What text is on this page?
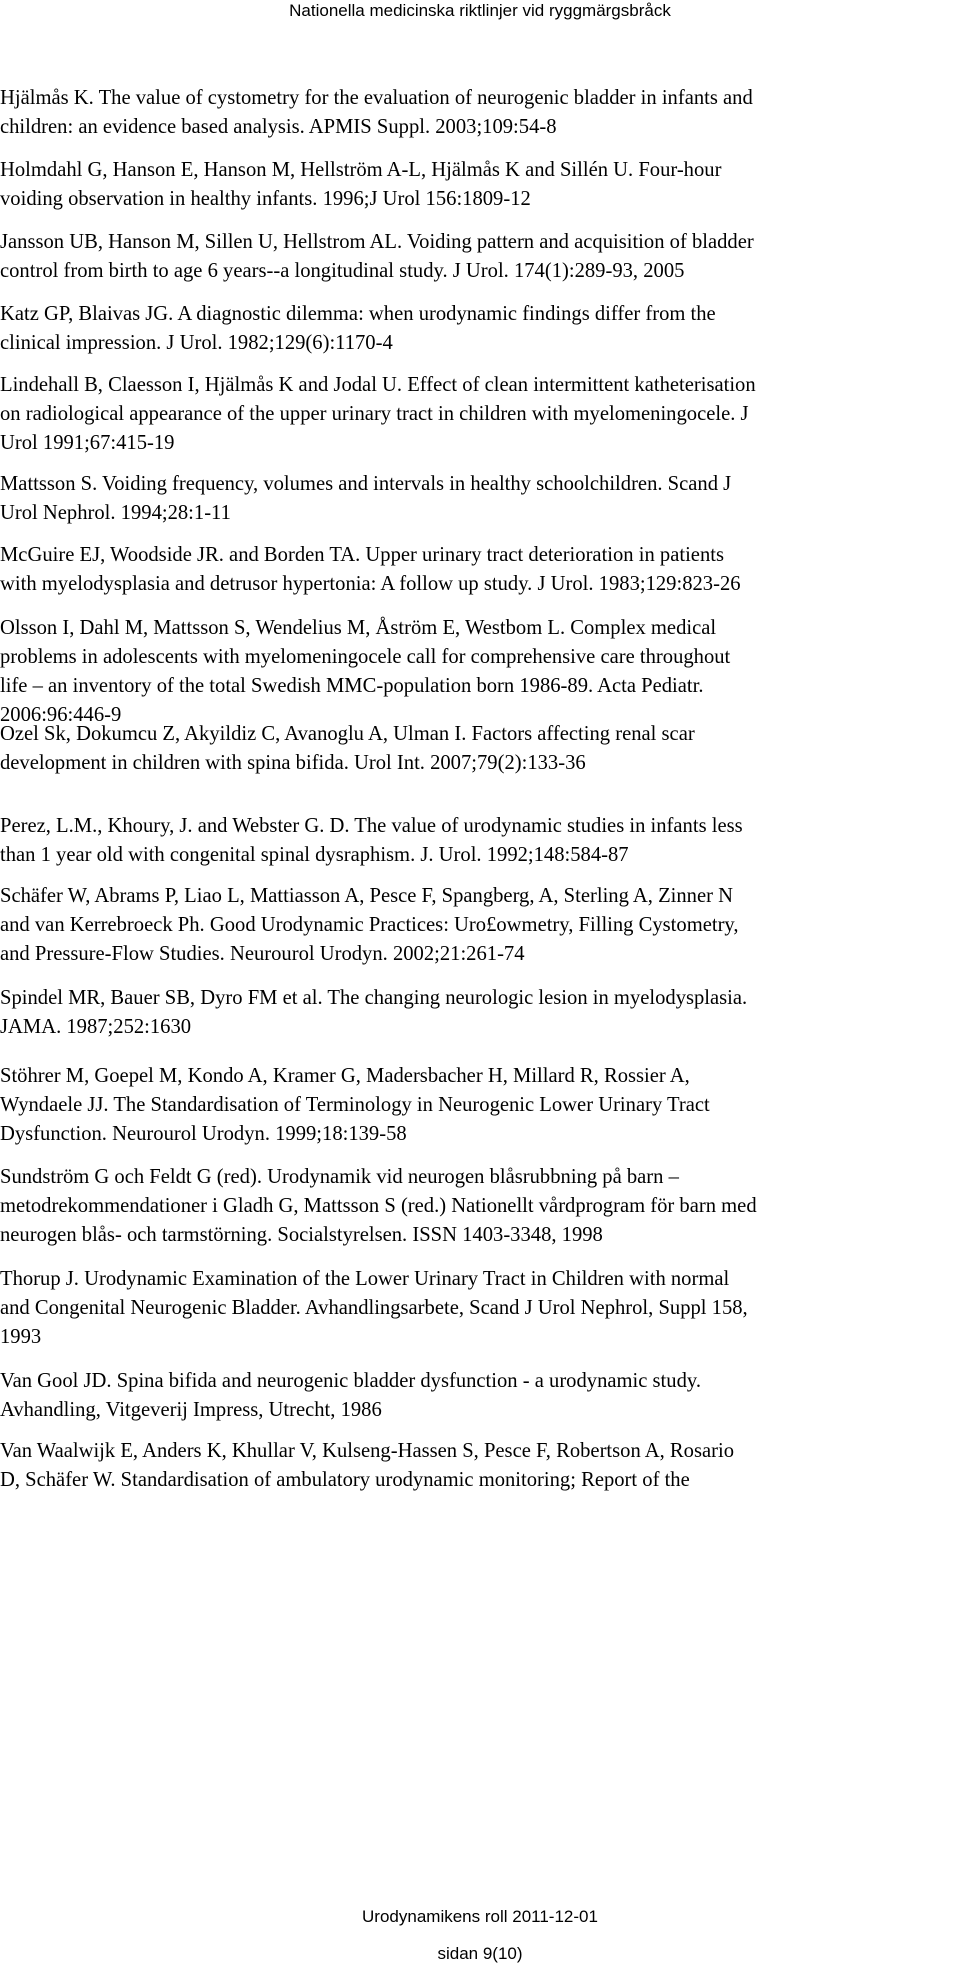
Nationella medicinska riktlinjer vid ryggmärgsbråck
Hjälmås K. The value of cystometry for the evaluation of neurogenic bladder in infants and
children: an evidence based analysis. APMIS Suppl. 2003;109:54-8
Holmdahl G, Hanson E, Hanson M, Hellström A-L, Hjälmås K and Sillén U. Four-hour
voiding observation in healthy infants. 1996;J Urol 156:1809-12
Jansson UB, Hanson M, Sillen U, Hellstrom AL. Voiding pattern and acquisition of bladder
control from birth to age 6 years--a longitudinal study. J Urol. 174(1):289-93, 2005
Katz GP, Blaivas JG. A diagnostic dilemma: when urodynamic findings differ from the
clinical impression. J Urol. 1982;129(6):1170-4
Lindehall B, Claesson I, Hjälmås K and Jodal U. Effect of clean intermittent katheterisation
on radiological appearance of the upper urinary tract in children with myelomeningocele. J
Urol 1991;67:415-19
Mattsson S. Voiding frequency, volumes and intervals in healthy schoolchildren. Scand J
Urol Nephrol. 1994;28:1-11
McGuire EJ, Woodside JR. and Borden TA. Upper urinary tract deterioration in patients
with myelodysplasia and detrusor hypertonia: A follow up study. J Urol. 1983;129:823-26
Olsson I, Dahl M, Mattsson S, Wendelius M, Åström E, Westbom L. Complex medical
problems in adolescents with myelomeningocele call for comprehensive care throughout
life – an inventory of the total Swedish MMC-population born 1986-89. Acta Pediatr.
2006:96:446-9
Ozel Sk, Dokumcu Z, Akyildiz C, Avanoglu A, Ulman I. Factors affecting renal scar
development in children with spina bifida. Urol Int. 2007;79(2):133-36
Perez, L.M., Khoury, J. and Webster G. D. The value of urodynamic studies in infants less
than 1 year old with congenital spinal dysraphism. J. Urol. 1992;148:584-87
Schäfer W, Abrams P, Liao L, Mattiasson A, Pesce F, Spangberg, A, Sterling A, Zinner N
and van Kerrebroeck Ph. Good Urodynamic Practices: Uro£owmetry, Filling Cystometry,
and Pressure-Flow Studies. Neurourol Urodyn. 2002;21:261-74
Spindel MR, Bauer SB, Dyro FM et al. The changing neurologic lesion in myelodysplasia.
JAMA. 1987;252:1630
Stöhrer M, Goepel M, Kondo A, Kramer G, Madersbacher H, Millard R, Rossier A,
Wyndaele JJ. The Standardisation of Terminology in Neurogenic Lower Urinary Tract
Dysfunction. Neurourol Urodyn. 1999;18:139-58
Sundström G och Feldt G (red). Urodynamik vid neurogen blåsrubbning på barn –
metodrekommendationer i Gladh G, Mattsson S (red.) Nationellt vårdprogram för barn med
neurogen blås- och tarmstörning. Socialstyrelsen. ISSN 1403-3348, 1998
Thorup J. Urodynamic Examination of the Lower Urinary Tract in Children with normal
and Congenital Neurogenic Bladder. Avhandlingsarbete, Scand J Urol Nephrol, Suppl 158,
1993
Van Gool JD. Spina bifida and neurogenic bladder dysfunction - a urodynamic study.
Avhandling, Vitgeverij Impress, Utrecht, 1986
Van Waalwijk E, Anders K, Khullar V, Kulseng-Hassen S, Pesce F, Robertson A, Rosario
D, Schäfer W. Standardisation of ambulatory urodynamic monitoring; Report of the
Urodynamikens roll 2011-12-01
sidan 9(10)
